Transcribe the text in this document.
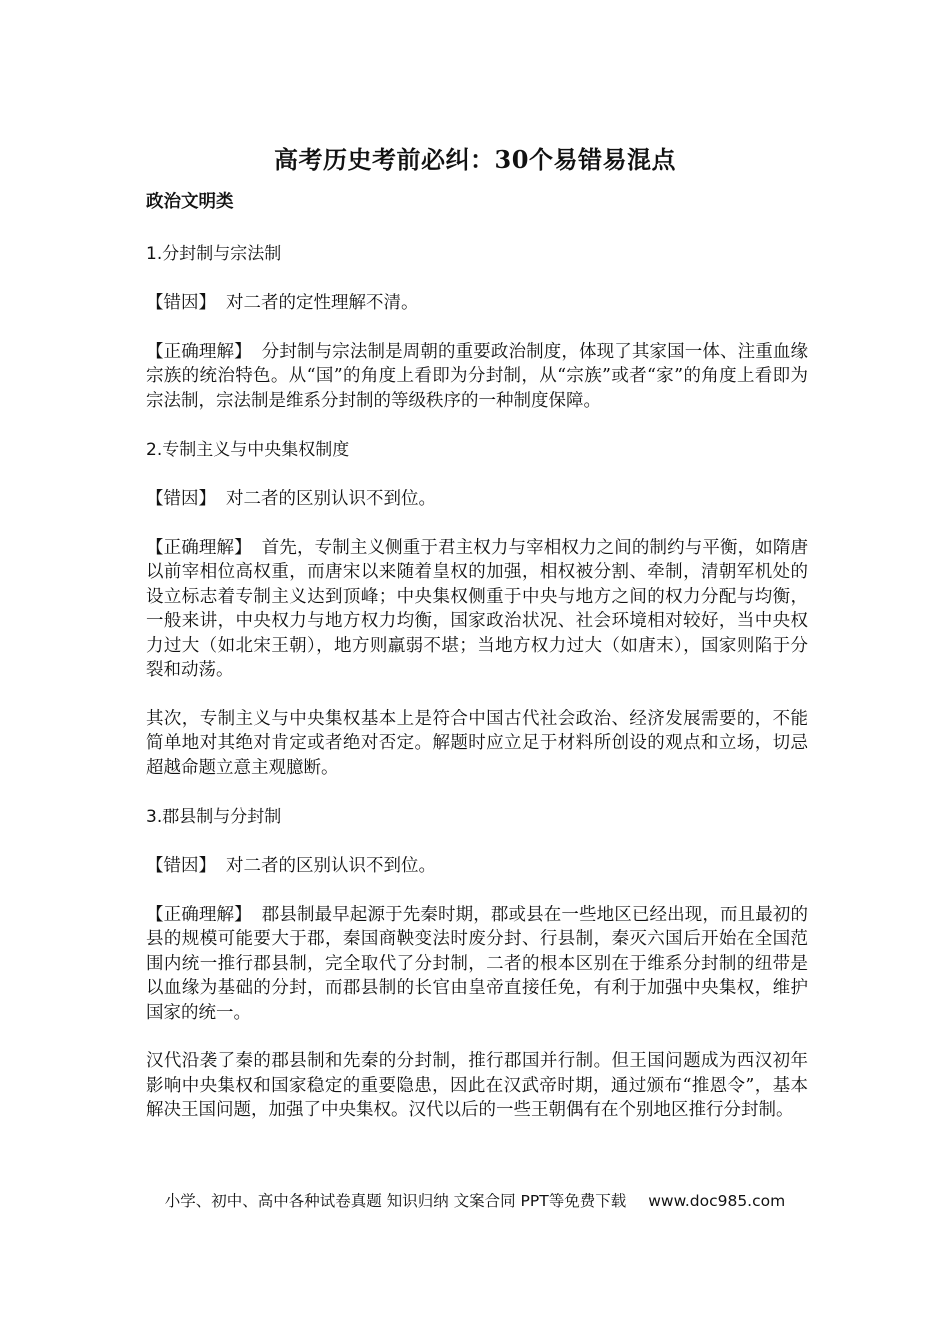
高考历史考前必纠：30个易错易混点
政治文明类
1.分封制与宗法制
【错因】 对二者的定性理解不清。
【正确理解】 分封制与宗法制是周朝的重要政治制度，体现了其家国一体、注重血缘宗族的统治特色。从“国”的角度上看即为分封制，从“宗族”或者“家”的角度上看即为宗法制，宗法制是维系分封制的等级秩序的一种制度保障。
2.专制主义与中央集权制度
【错因】 对二者的区别认识不到位。
【正确理解】 首先，专制主义侧重于君主权力与宰相权力之间的制约与平衡，如隋唐以前宰相位高权重，而唐宋以来随着皇权的加强，相权被分割、牵制，清朝军机处的设立标志着专制主义达到顶峰；中央集权侧重于中央与地方之间的权力分配与均衡，一般来讲，中央权力与地方权力均衡，国家政治状况、社会环境相对较好，当中央权力过大（如北宋王朝），地方则羸弱不堪；当地方权力过大（如唐末），国家则陷于分裂和动荡。
其次，专制主义与中央集权基本上是符合中国古代社会政治、经济发展需要的，不能简单地对其绝对肯定或者绝对否定。解题时应立足于材料所创设的观点和立场，切忌超越命题立意主观臆断。
3.郡县制与分封制
【错因】 对二者的区别认识不到位。
【正确理解】 郡县制最早起源于先秦时期，郡或县在一些地区已经出现，而且最初的县的规模可能要大于郡，秦国商鞅变法时废分封、行县制，秦灭六国后开始在全国范围内统一推行郡县制，完全取代了分封制，二者的根本区别在于维系分封制的纽带是以血缘为基础的分封，而郡县制的长官由皇帝直接任免，有利于加强中央集权，维护国家的统一。
汉代沿袭了秦的郡县制和先秦的分封制，推行郡国并行制。但王国问题成为西汉初年影响中央集权和国家稳定的重要隐患，因此在汉武帝时期，通过颁布“推恩令”，基本解决王国问题，加强了中央集权。汉代以后的一些王朝偶有在个别地区推行分封制。
小学、初中、高中各种试卷真题 知识归纳 文案合同 PPT等免费下载 www.doc985.com
